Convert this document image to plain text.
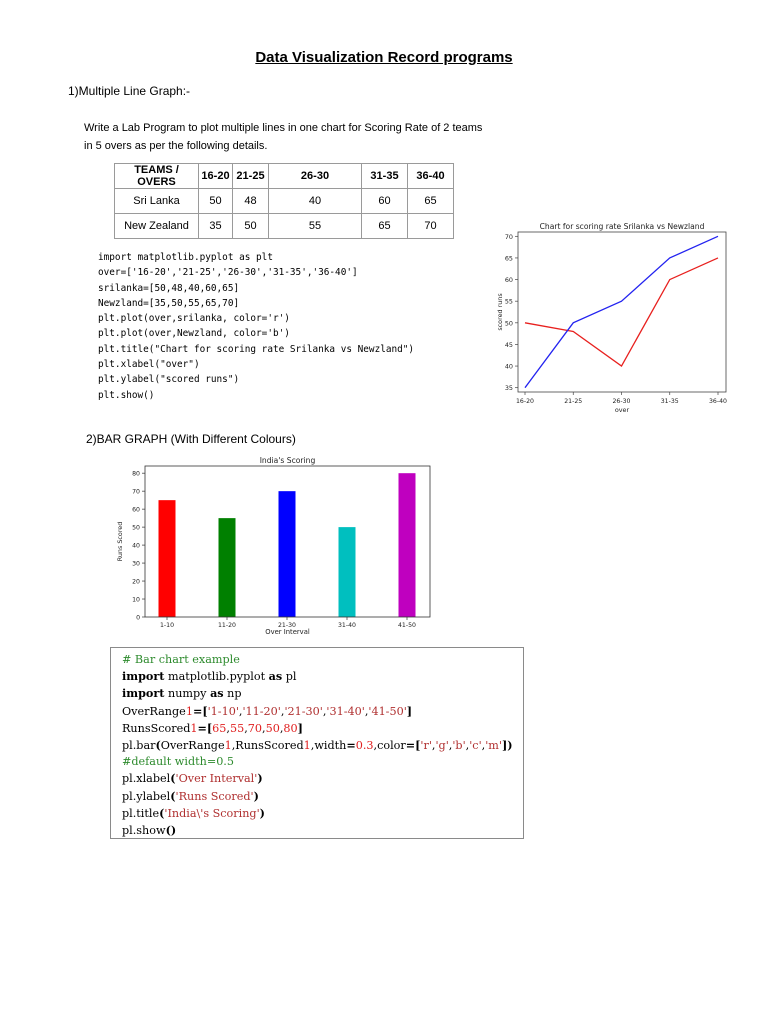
Data Visualization Record programs
1)Multiple Line Graph:-
Write a Lab Program to plot multiple lines in one chart for Scoring Rate of 2 teams in 5 overs as per the following details.
TEAMS / OVERS	16-20	21-25	26-30	31-35	36-40
Sri Lanka	50	48	40	60	65
New Zealand	35	50	55	65	70
import matplotlib.pyplot as plt
over=['16-20','21-25','26-30','31-35','36-40']
srilanka=[50,48,40,60,65]
Newzland=[35,50,55,65,70]
plt.plot(over,srilanka, color='r')
plt.plot(over,Newzland, color='b')
plt.title("Chart for scoring rate Srilanka vs Newzland")
plt.xlabel("over")
plt.ylabel("scored runs")
plt.show()
Chart for scoring rate Srilanka vs Newzland
35
40
45
50
55
60
65
70
16-20	21-25	26-30	31-35	36-40
over
scored runs
2)BAR GRAPH (With Different Colours)
India's Scoring
0
10
20
30
40
50
60
70
80
1-10	11-20	21-30	31-40	41-50
Over Interval
Runs Scored
# Bar chart example
import matplotlib.pyplot as pl
import numpy as np
OverRange1=['1-10','11-20','21-30','31-40','41-50']
RunsScored1=[65,55,70,50,80]
pl.bar(OverRange1,RunsScored1,width=0.3,color=['r','g','b','c','m'])
#default width=0.5
pl.xlabel('Over Interval')
pl.ylabel('Runs Scored')
pl.title('India\'s Scoring')
pl.show()
